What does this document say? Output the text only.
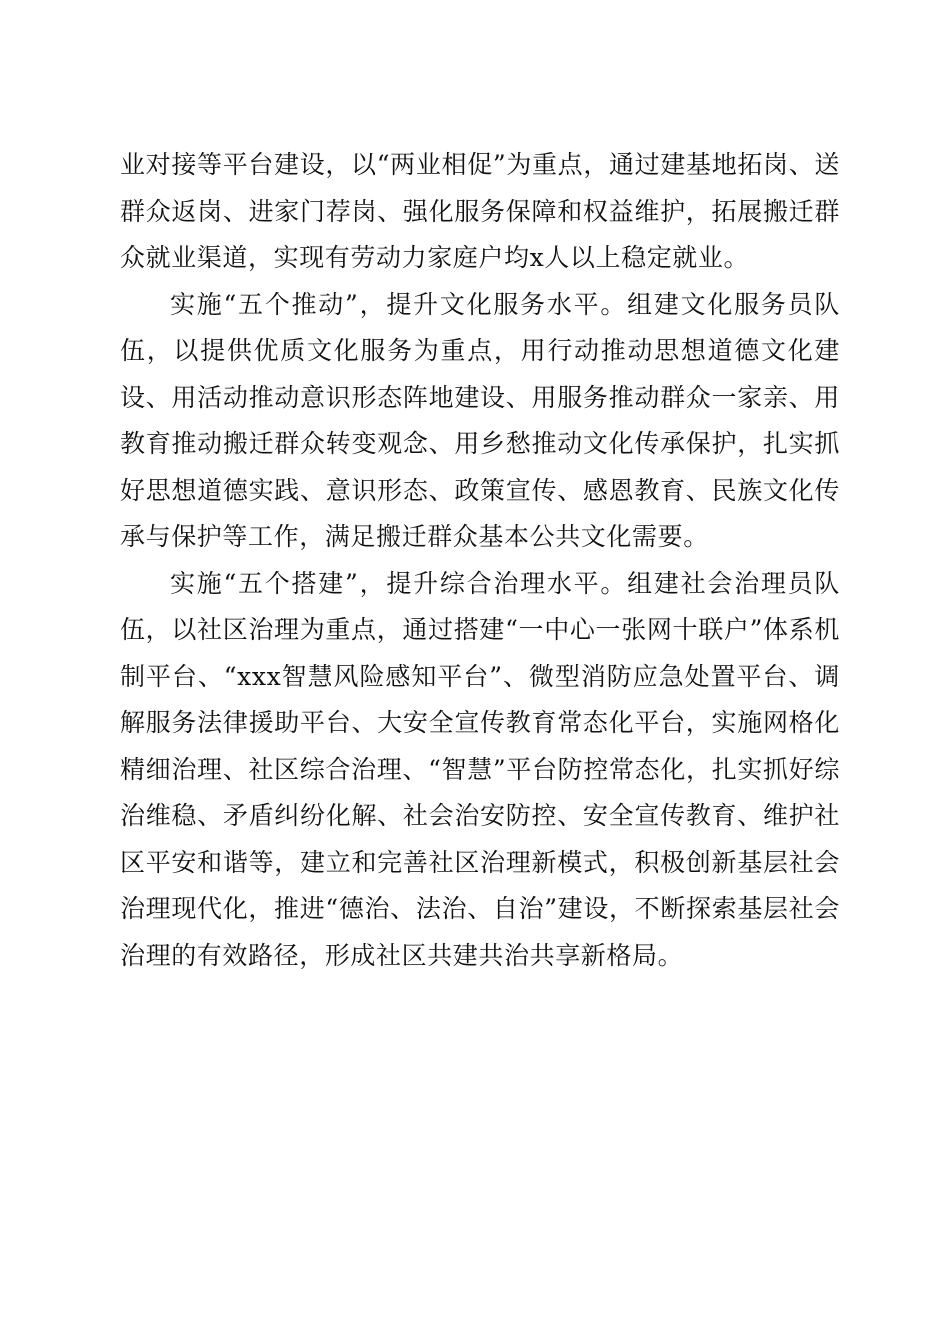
业对接等平台建设，以“两业相促”为重点，通过建基地拓岗、送群众返岗、进家门荐岗、强化服务保障和权益维护，拓展搬迁群众就业渠道，实现有劳动力家庭户均x人以上稳定就业。

实施“五个推动”，提升文化服务水平。组建文化服务员队伍，以提供优质文化服务为重点，用行动推动思想道德文化建设、用活动推动意识形态阵地建设、用服务推动群众一家亲、用教育推动搬迁群众转变观念、用乡愁推动文化传承保护，扎实抓好思想道德实践、意识形态、政策宣传、感恩教育、民族文化传承与保护等工作，满足搬迁群众基本公共文化需要。

实施“五个搭建”，提升综合治理水平。组建社会治理员队伍，以社区治理为重点，通过搭建“一中心一张网十联户”体系机制平台、“xxx智慧风险感知平台”、微型消防应急处置平台、调解服务法律援助平台、大安全宣传教育常态化平台，实施网格化精细治理、社区综合治理、“智慧”平台防控常态化，扎实抓好综治维稳、矛盾纠纷化解、社会治安防控、安全宣传教育、维护社区平安和谐等，建立和完善社区治理新模式，积极创新基层社会治理现代化，推进“德治、法治、自治”建设，不断探索基层社会治理的有效路径，形成社区共建共治共享新格局。
